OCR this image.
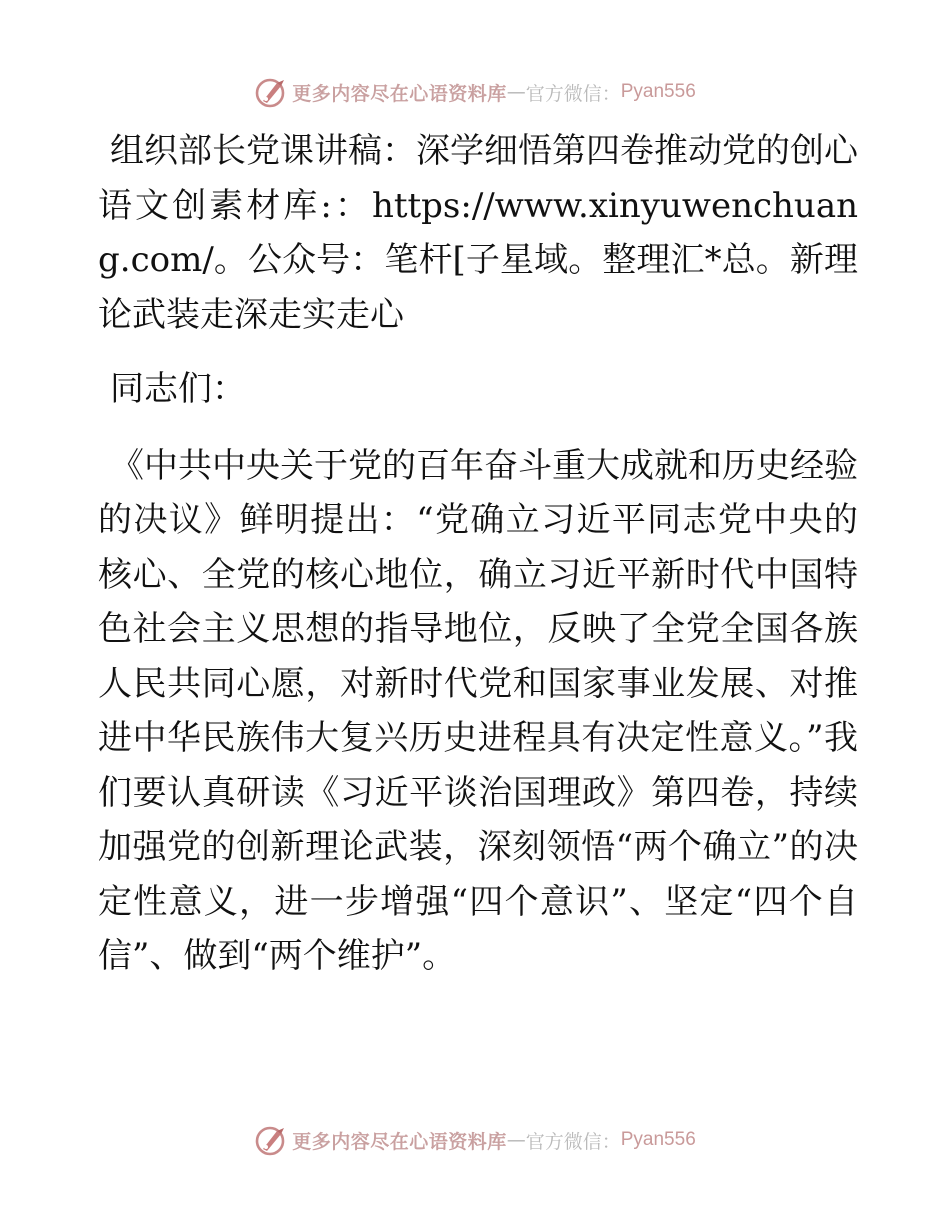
更多内容尽在心语资料库 — 官方微信： Pyan556

组织部长党课讲稿：深学细悟第四卷推动党的创心语文创素材库:：https://www.xinyuwenchuang.com/。公众号：笔杆[子星域。整理汇*总。新理论武装走深走实走心

同志们：

《中共中央关于党的百年奋斗重大成就和历史经验的决议》鲜明提出：“党确立习近平同志党中央的核心、全党的核心地位，确立习近平新时代中国特色社会主义思想的指导地位，反映了全党全国各族人民共同心愿，对新时代党和国家事业发展、对推进中华民族伟大复兴历史进程具有决定性意义。”我们要认真研读《习近平谈治国理政》第四卷，持续加强党的创新理论武装，深刻领悟“两个确立”的决定性意义，进一步增强“四个意识”、坚定“四个自信”、做到“两个维护”。

更多内容尽在心语资料库 — 官方微信： Pyan556
